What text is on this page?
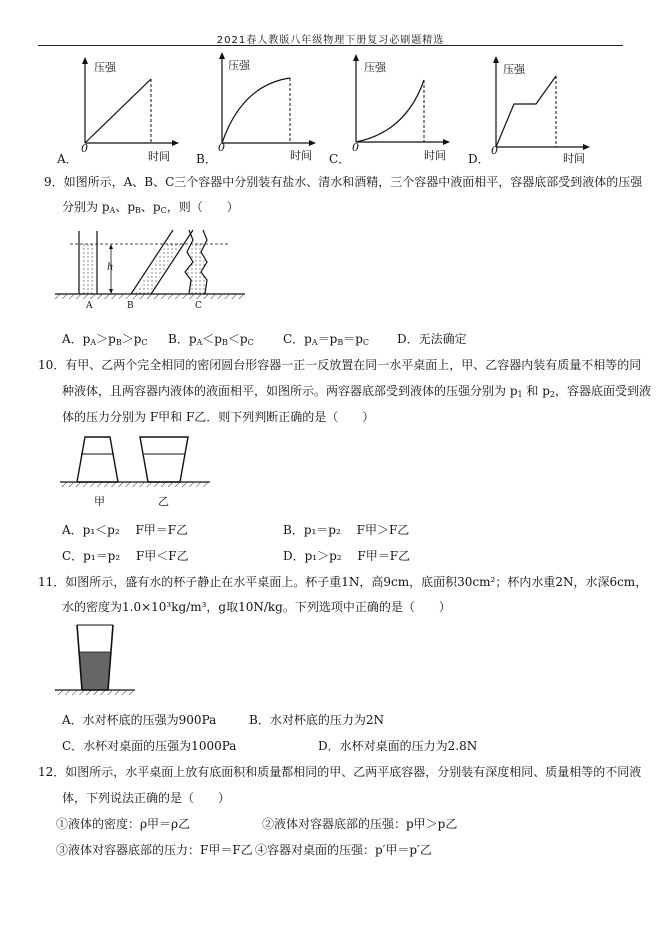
2021春人教版八年级物理下册复习必刷题精选
压强
时间
0
A．
压强
时间
0
B．
压强
时间
0
C．
压强
时间
0
D．
9．如图所示，A、B、C三个容器中分别装有盐水、清水和酒精，三个容器中液面相平，容器底部受到液体的压强
分别为 $p_A$、$p_B$、$p_C$，则（　　）
h
A	B	C
A．$p_A>p_B>p_C$ B．$p_A<p_B<p_C$ C．$p_A=p_B=p_C$ D．无法确定
10．有甲、乙两个完全相同的密闭圆台形容器一正一反放置在同一水平桌面上，甲、乙容器内装有质量不相等的同
种液体，且两容器内液体的液面相平，如图所示。两容器底部受到液体的压强分别为 $p_1$ 和 $p_2$，容器底面受到液
体的压力分别为 F甲和 F乙．则下列判断正确的是（　　）
甲	乙
A．p₁＜p₂　 F甲＝F乙	B．p₁＝p₂　 F甲＞F乙
C．p₁＝p₂　 F甲＜F乙	D．p₁＞p₂　 F甲＝F乙
11．如图所示，盛有水的杯子静止在水平桌面上。杯子重1N，高9cm，底面积30cm²；杯内水重2N，水深6cm，
水的密度为1.0×10³kg/m³，g取10N/kg。下列选项中正确的是（　　）
A．水对杯底的压强为900Pa	B．水对杯底的压力为2N
C．水杯对桌面的压强为1000Pa	D．水杯对桌面的压力为2.8N
12．如图所示，水平桌面上放有底面积和质量都相同的甲、乙两平底容器，分别装有深度相同、质量相等的不同液
体，下列说法正确的是（　　）
①液体的密度：ρ甲＝ρ乙	②液体对容器底部的压强：p甲＞p乙
③液体对容器底部的压力：F甲＝F乙 ④容器对桌面的压强：p′甲＝p′乙
